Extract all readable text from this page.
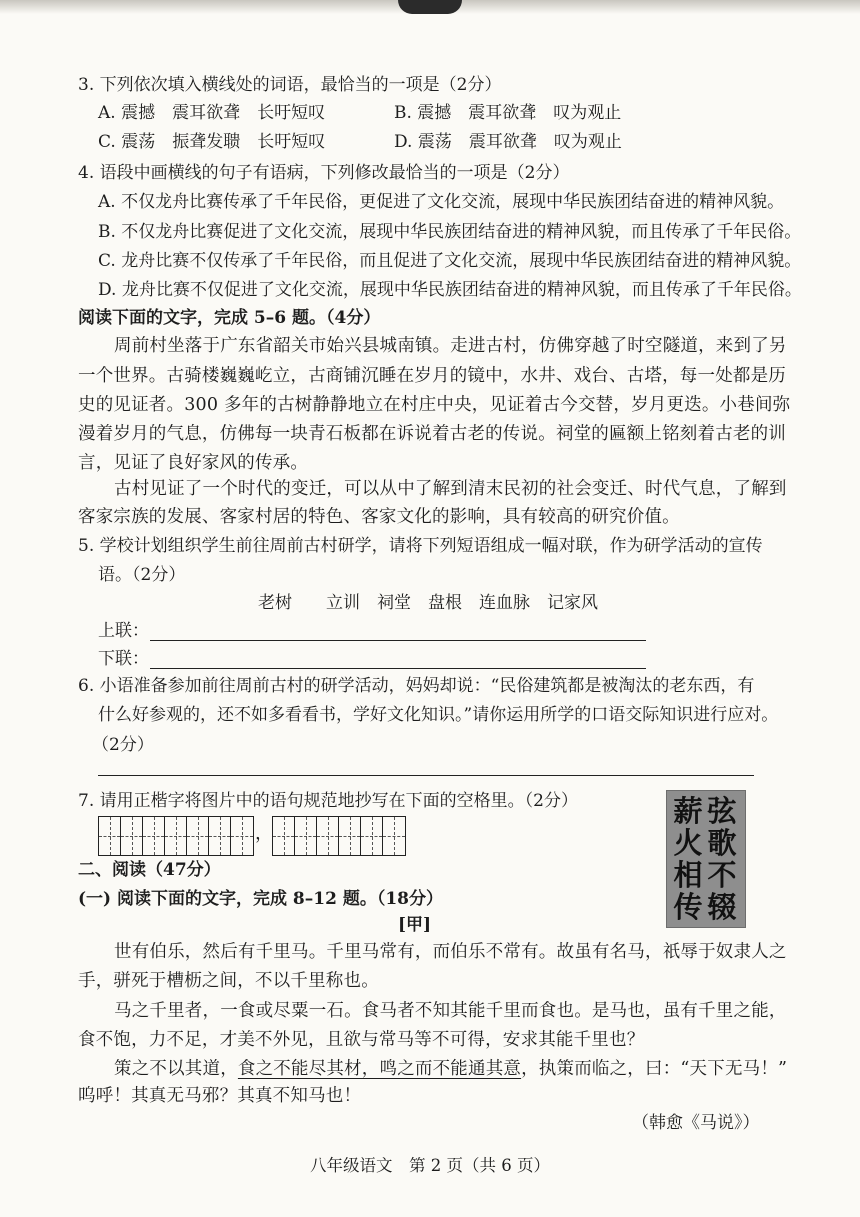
3. 下列依次填入横线处的词语，最恰当的一项是（2分）
A. 震撼　震耳欲聋　长吁短叹	B. 震撼　震耳欲聋　叹为观止
C. 震荡　振聋发聩　长吁短叹	D. 震荡　震耳欲聋　叹为观止
4. 语段中画横线的句子有语病，下列修改最恰当的一项是（2分）
A. 不仅龙舟比赛传承了千年民俗，更促进了文化交流，展现中华民族团结奋进的精神风貌。
B. 不仅龙舟比赛促进了文化交流，展现中华民族团结奋进的精神风貌，而且传承了千年民俗。
C. 龙舟比赛不仅传承了千年民俗，而且促进了文化交流，展现中华民族团结奋进的精神风貌。
D. 龙舟比赛不仅促进了文化交流，展现中华民族团结奋进的精神风貌，而且传承了千年民俗。
阅读下面的文字，完成 5–6 题。（4分）
周前村坐落于广东省韶关市始兴县城南镇。走进古村，仿佛穿越了时空隧道，来到了另
一个世界。古骑楼巍巍屹立，古商铺沉睡在岁月的镜中，水井、戏台、古塔，每一处都是历
史的见证者。300 多年的古树静静地立在村庄中央，见证着古今交替，岁月更迭。小巷间弥
漫着岁月的气息，仿佛每一块青石板都在诉说着古老的传说。祠堂的匾额上铭刻着古老的训
言，见证了良好家风的传承。
古村见证了一个时代的变迁，可以从中了解到清末民初的社会变迁、时代气息，了解到
客家宗族的发展、客家村居的特色、客家文化的影响，具有较高的研究价值。
5. 学校计划组织学生前往周前古村研学，请将下列短语组成一幅对联，作为研学活动的宣传
语。（2分）
老树　　立训　祠堂　盘根　连血脉　记家风
上联：
下联：
6. 小语准备参加前往周前古村的研学活动，妈妈却说：“民俗建筑都是被淘汰的老东西，有
什么好参观的，还不如多看看书，学好文化知识。”请你运用所学的口语交际知识进行应对。
（2分）
7. 请用正楷字将图片中的语句规范地抄写在下面的空格里。（2分）
，
弦
歌
不
辍
薪
火
相
传
二、阅读（47分）
(一) 阅读下面的文字，完成 8–12 题。（18分）
[甲]
世有伯乐，然后有千里马。千里马常有，而伯乐不常有。故虽有名马，祇辱于奴隶人之
手，骈死于槽枥之间，不以千里称也。
马之千里者，一食或尽粟一石。食马者不知其能千里而食也。是马也，虽有千里之能，
食不饱，力不足，才美不外见，且欲与常马等不可得，安求其能千里也？
策之不以其道，食之不能尽其材，鸣之而不能通其意，执策而临之，曰：“天下无马！”
呜呼！其真无马邪？其真不知马也！
（韩愈《马说》）
八年级语文　第 2 页（共 6 页）
